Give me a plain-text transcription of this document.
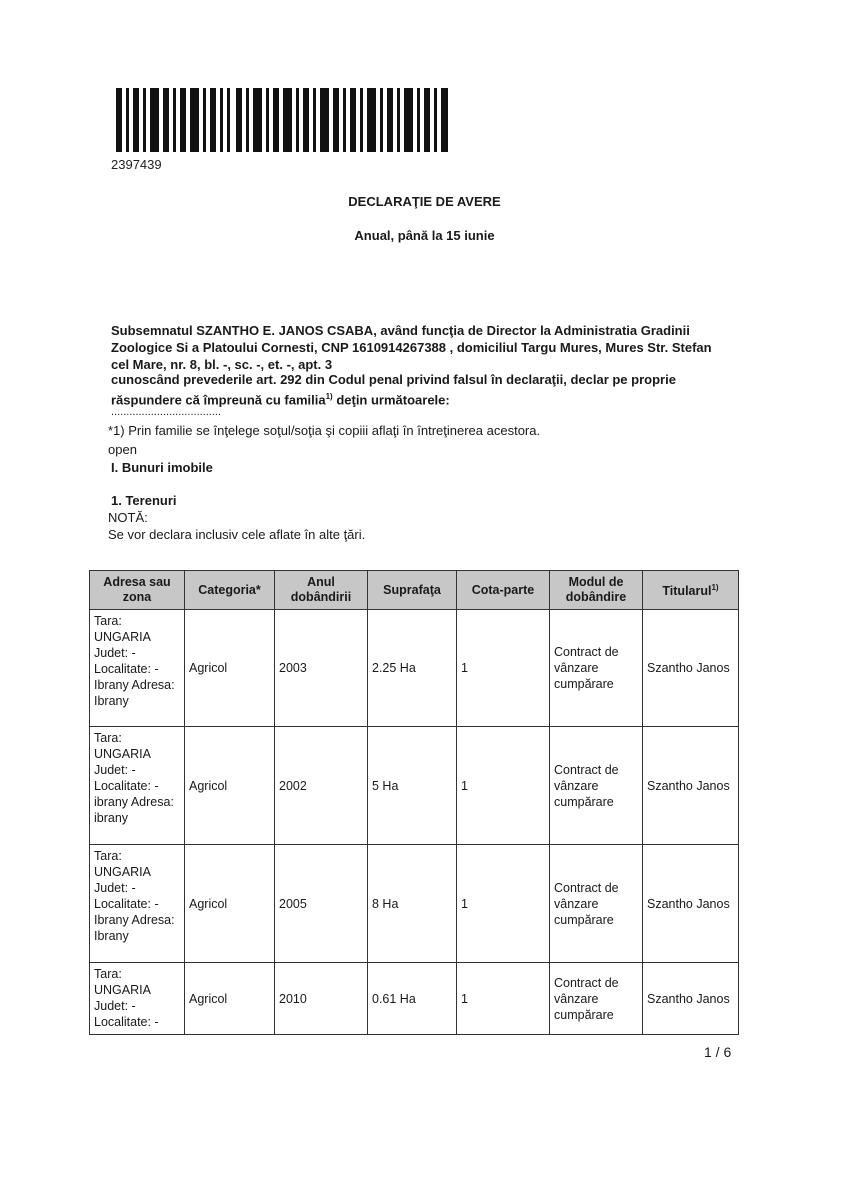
2397439
DECLARAŢIE DE AVERE
Anual, până la 15 iunie
Subsemnatul SZANTHO E. JANOS CSABA, având funcţia de Director la Administratia Gradinii Zoologice Si a Platoului Cornesti, CNP 1610914267388 , domiciliul Targu Mures, Mures Str. Stefan cel Mare, nr. 8, bl. -, sc. -, et. -, apt. 3
cunoscând prevederile art. 292 din Codul penal privind falsul în declaraţii, declar pe proprie răspundere că împreună cu familia$^{1)}$ deţin următoarele:
....................................
*1) Prin familie se înţelege soţul/soţia şi copiii aflaţi în întreţinerea acestora.
open
I. Bunuri imobile
1. Terenuri
NOTĂ:
Se vor declara inclusiv cele aflate în alte ţări.
Adresa sau zona	Categoria*	Anul dobândirii	Suprafaţa	Cota-parte	Modul de dobândire	Titularul$^{1)}$
Tara: UNGARIA Judet: - Localitate: - Ibrany Adresa: Ibrany	Agricol	2003	2.25 Ha	1	Contract de vânzare cumpărare	Szantho Janos
Tara: UNGARIA Judet: - Localitate: - ibrany Adresa: ibrany	Agricol	2002	5 Ha	1	Contract de vânzare cumpărare	Szantho Janos
Tara: UNGARIA Judet: - Localitate: - Ibrany Adresa: Ibrany	Agricol	2005	8 Ha	1	Contract de vânzare cumpărare	Szantho Janos
Tara: UNGARIA Judet: - Localitate: -	Agricol	2010	0.61 Ha	1	Contract de vânzare cumpărare	Szantho Janos
1 / 6
